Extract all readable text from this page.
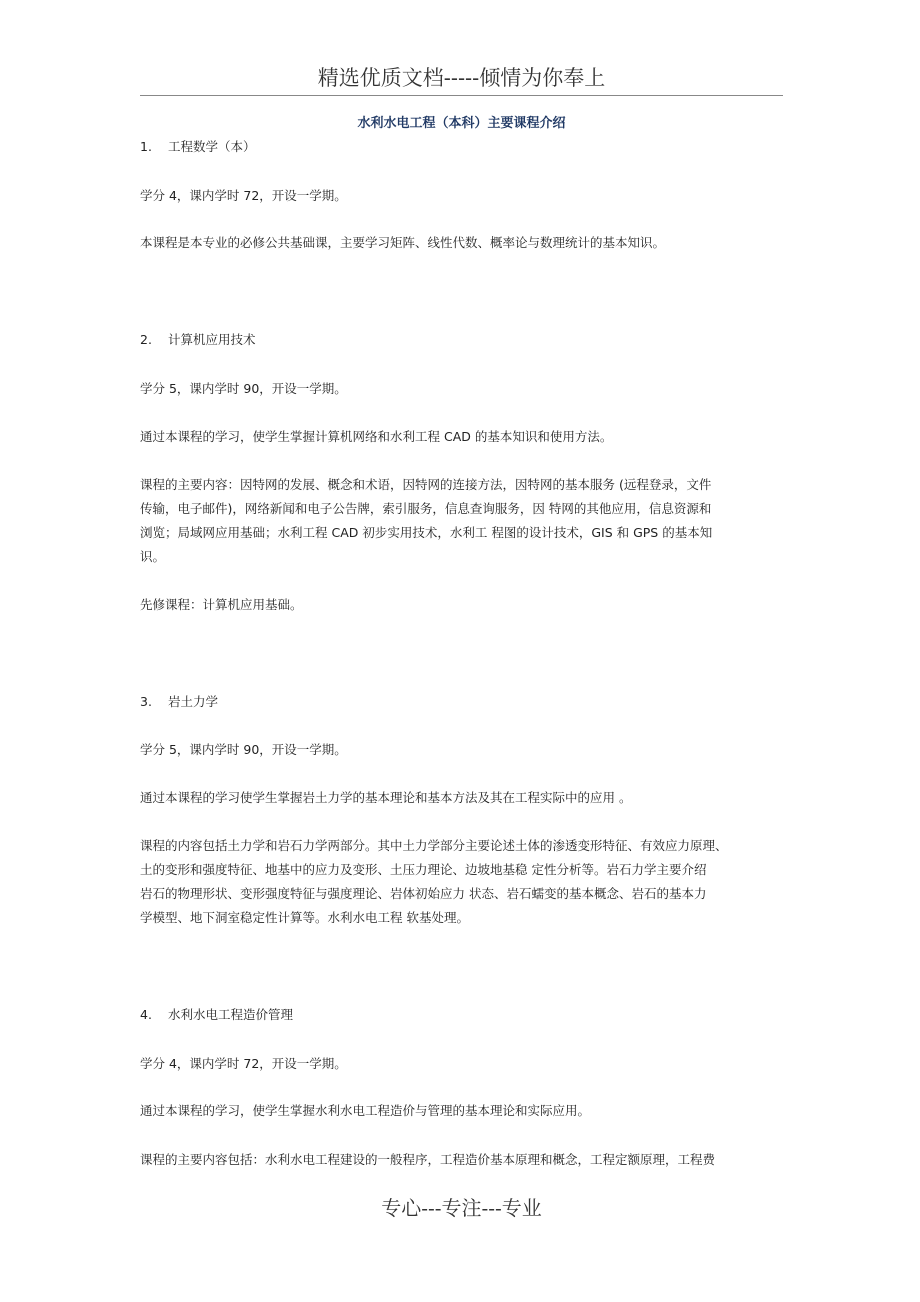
精选优质文档-----倾情为你奉上
水利水电工程（本科）主要课程介绍
1. 工程数学（本）
学分 4，课内学时 72，开设一学期。
本课程是本专业的必修公共基础课，主要学习矩阵、线性代数、概率论与数理统计的基本知识。
2. 计算机应用技术
学分 5，课内学时 90，开设一学期。
通过本课程的学习，使学生掌握计算机网络和水利工程 CAD 的基本知识和使用方法。
课程的主要内容：因特网的发展、概念和术语，因特网的连接方法，因特网的基本服务 (远程登录，文件
传输，电子邮件)，网络新闻和电子公告牌，索引服务，信息查询服务，因 特网的其他应用，信息资源和
浏览；局域网应用基础；水利工程 CAD 初步实用技术，水利工 程图的设计技术，GIS 和 GPS 的基本知
识。
先修课程：计算机应用基础。
3. 岩土力学
学分 5，课内学时 90，开设一学期。
通过本课程的学习使学生掌握岩土力学的基本理论和基本方法及其在工程实际中的应用 。
课程的内容包括土力学和岩石力学两部分。其中土力学部分主要论述土体的渗透变形特征、有效应力原理、
土的变形和强度特征、地基中的应力及变形、土压力理论、边坡地基稳 定性分析等。岩石力学主要介绍
岩石的物理形状、变形强度特征与强度理论、岩体初始应力 状态、岩石蠕变的基本概念、岩石的基本力
学模型、地下洞室稳定性计算等。水利水电工程 软基处理。
4. 水利水电工程造价管理
学分 4，课内学时 72，开设一学期。
通过本课程的学习，使学生掌握水利水电工程造价与管理的基本理论和实际应用。
课程的主要内容包括：水利水电工程建设的一般程序，工程造价基本原理和概念，工程定额原理，工程费
专心---专注---专业
